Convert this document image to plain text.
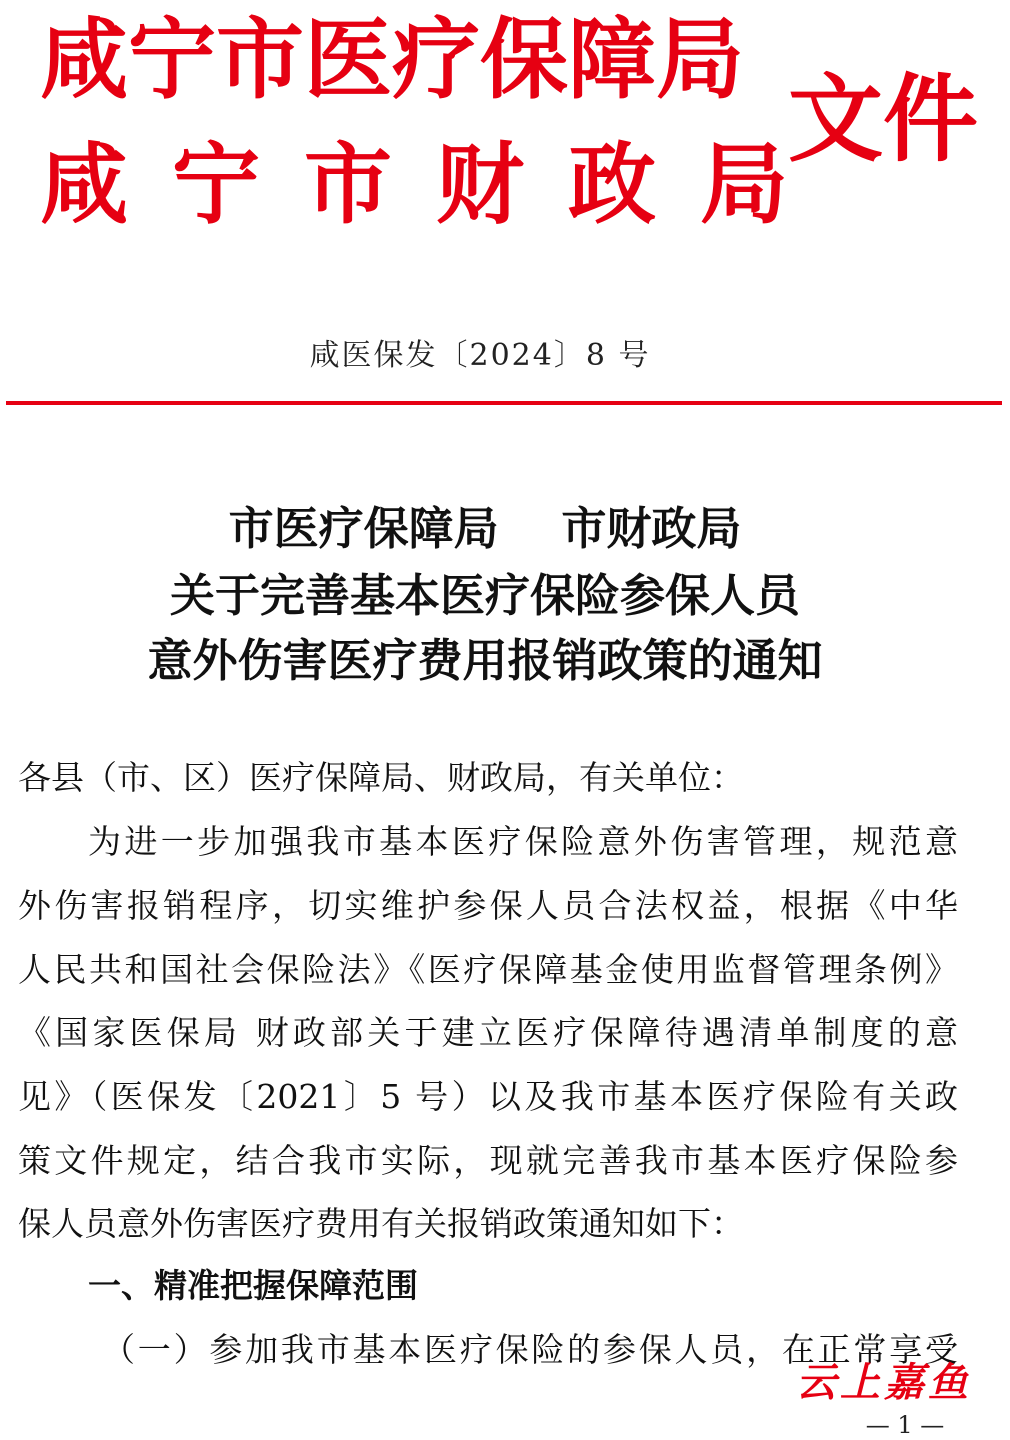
咸宁市医疗保障局
咸宁市财政局
文件
咸医保发〔2024〕8 号
市医疗保障局    市财政局
关于完善基本医疗保险参保人员
意外伤害医疗费用报销政策的通知
各县（市、区）医疗保障局、财政局，有关单位：
为进一步加强我市基本医疗保险意外伤害管理，规范意
外伤害报销程序，切实维护参保人员合法权益，根据《中华
人民共和国社会保险法》《医疗保障基金使用监督管理条例》
《国家医保局 财政部关于建立医疗保障待遇清单制度的意
见》（医保发〔2021〕5 号）以及我市基本医疗保险有关政
策文件规定，结合我市实际，现就完善我市基本医疗保险参
保人员意外伤害医疗费用有关报销政策通知如下：
一、精准把握保障范围
（一）参加我市基本医疗保险的参保人员，在正常享受
云上嘉鱼
— 1 —
